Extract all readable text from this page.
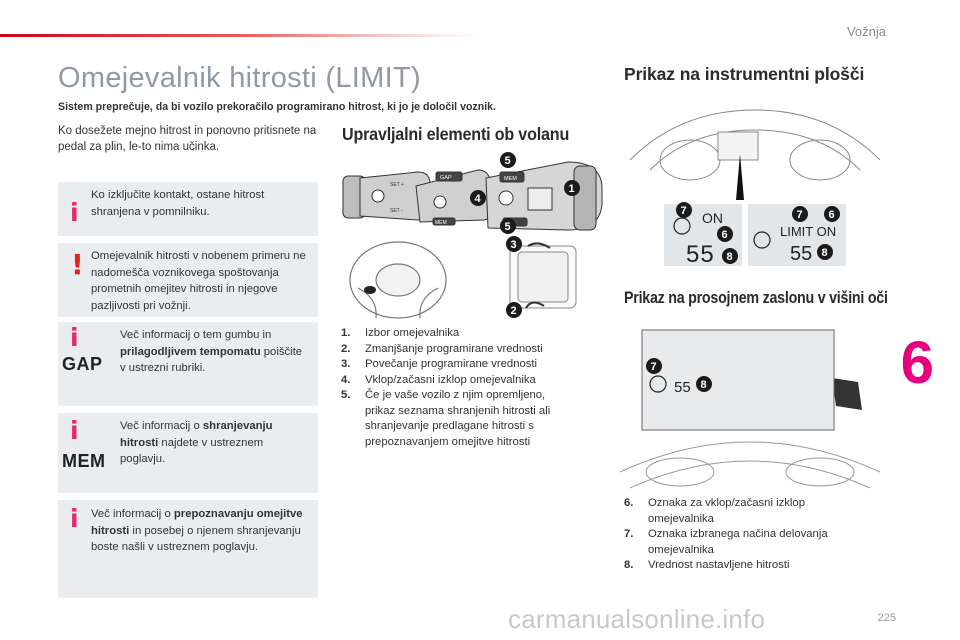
Vožnja
Omejevalnik hitrosti (LIMIT)
Sistem preprečuje, da bi vozilo prekoračilo programirano hitrost, ki jo je določil voznik.
Ko dosežete mejno hitrost in ponovno pritisnete na pedal za plin, le-to nima učinka.
i
Ko izključite kontakt, ostane hitrost shranjena v pomnilniku.
! Omejevalnik hitrosti v nobenem primeru ne nadomešča voznikovega spoštovanja prometnih omejitev hitrosti in njegove pazljivosti pri vožnji.
i
GAP
Več informacij o tem gumbu in prilagodljivem tempomatu poiščite v ustrezni rubriki.
i
MEM
Več informacij o shranjevanju hitrosti najdete v ustreznem poglavju.
i Več informacij o prepoznavanju omejitve hitrosti in posebej o njenem shranjevanju boste našli v ustreznem poglavju.
Upravljalni elementi ob volanu
SET +
SET -
GAP
MEM
MEM
5
1
4
5
3
2
1.	Izbor omejevalnika
2.	Zmanjšanje programirane vrednosti
3.	Povečanje programirane vrednosti
4.	Vklop/začasni izklop omejevalnika
5.	Če je vaše vozilo z njim opremljeno, prikaz seznama shranjenih hitrosti ali shranjevanje predlagane hitrosti s prepoznavanjem omejitve hitrosti
Prikaz na instrumentni plošči
ON
55
7
6
8
LIMIT ON
55
7 6
8
Prikaz na prosojnem zaslonu v višini oči
55
7
8
6.	Oznaka za vklop/začasni izklop omejevalnika
7.	Oznaka izbranega načina delovanja omejevalnika
8.	Vrednost nastavljene hitrosti
6
carmanualsonline.info	225
